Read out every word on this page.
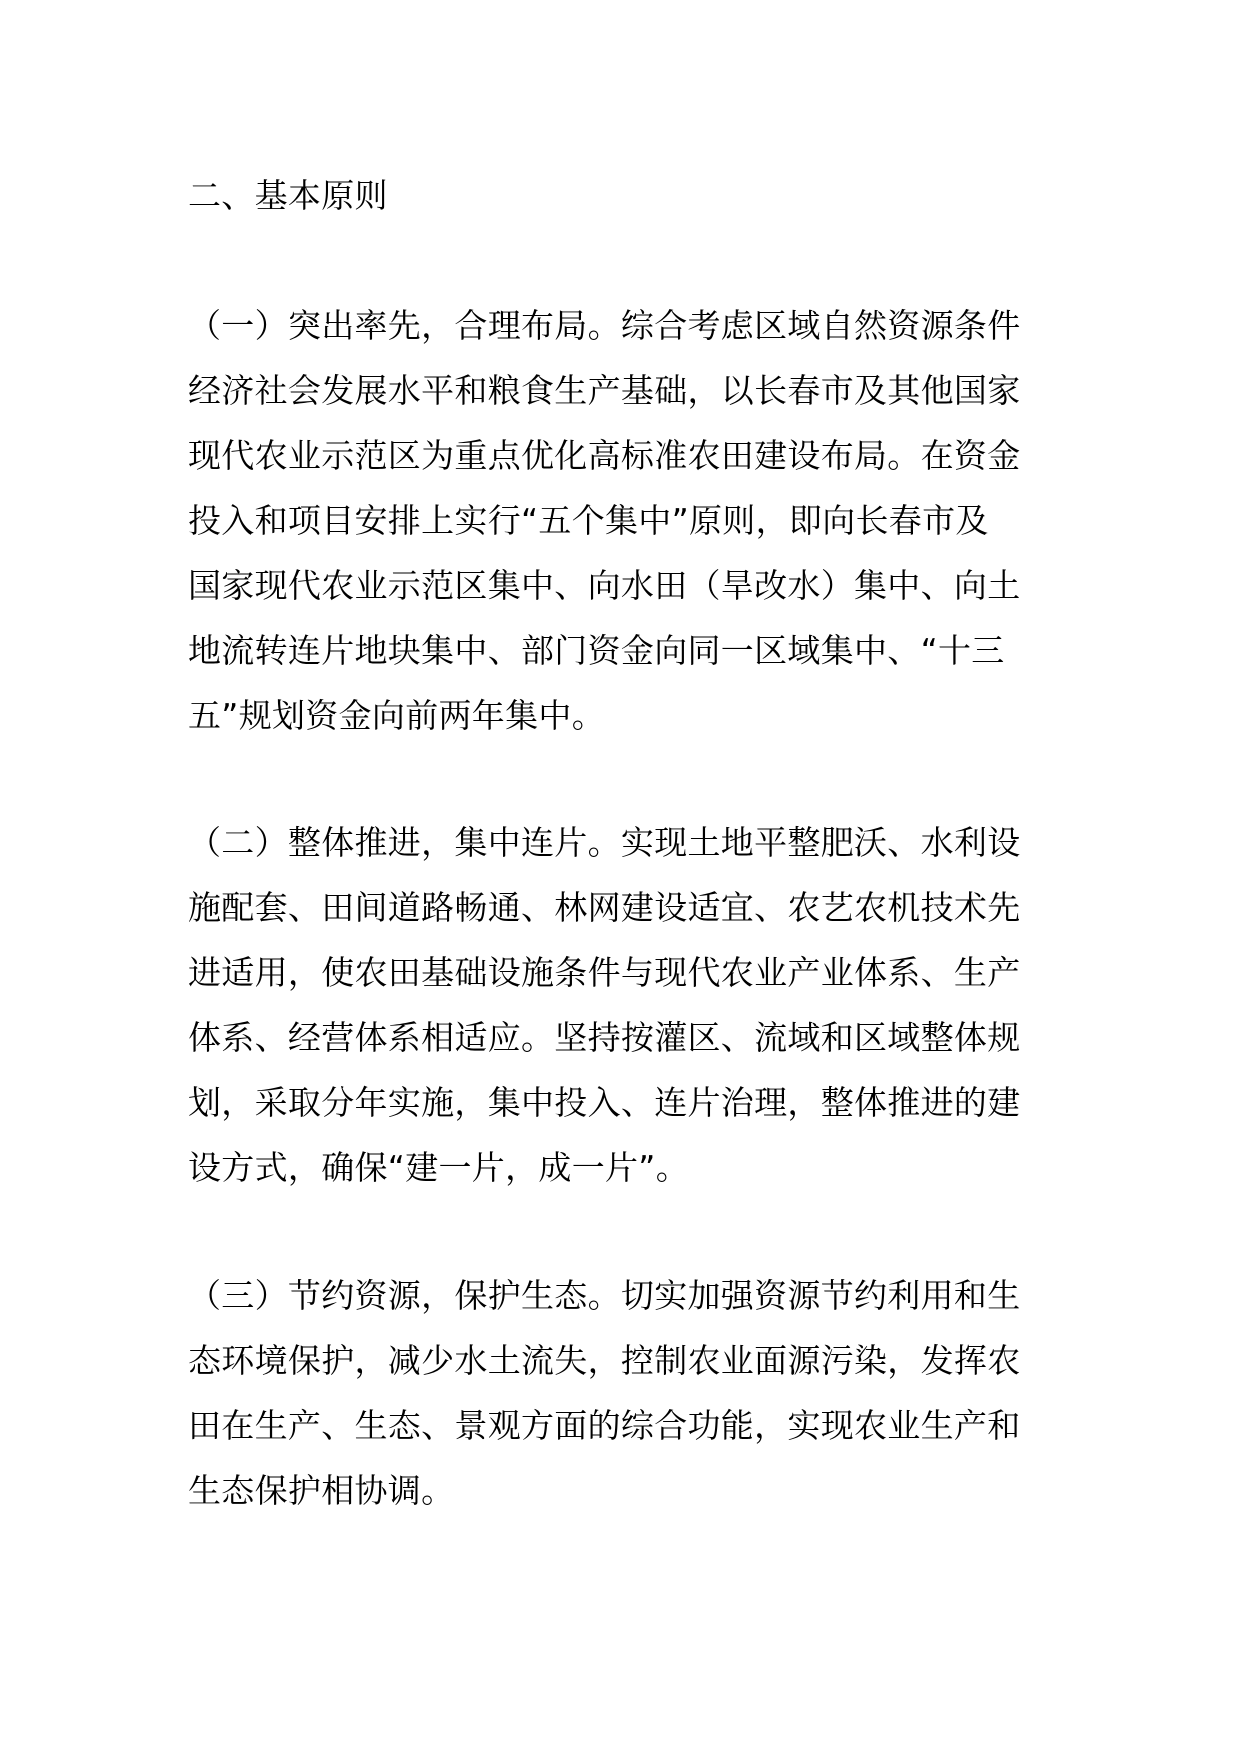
二、基本原则

（一）突出率先，合理布局。综合考虑区域自然资源条件
经济社会发展水平和粮食生产基础，以长春市及其他国家
现代农业示范区为重点优化高标准农田建设布局。在资金
投入和项目安排上实行“五个集中”原则，即向长春市及
国家现代农业示范区集中、向水田（旱改水）集中、向土
地流转连片地块集中、部门资金向同一区域集中、“十三
五”规划资金向前两年集中。

（二）整体推进，集中连片。实现土地平整肥沃、水利设
施配套、田间道路畅通、林网建设适宜、农艺农机技术先
进适用，使农田基础设施条件与现代农业产业体系、生产
体系、经营体系相适应。坚持按灌区、流域和区域整体规
划，采取分年实施，集中投入、连片治理，整体推进的建
设方式，确保“建一片，成一片”。

（三）节约资源，保护生态。切实加强资源节约利用和生
态环境保护，减少水土流失，控制农业面源污染，发挥农
田在生产、生态、景观方面的综合功能，实现农业生产和
生态保护相协调。
